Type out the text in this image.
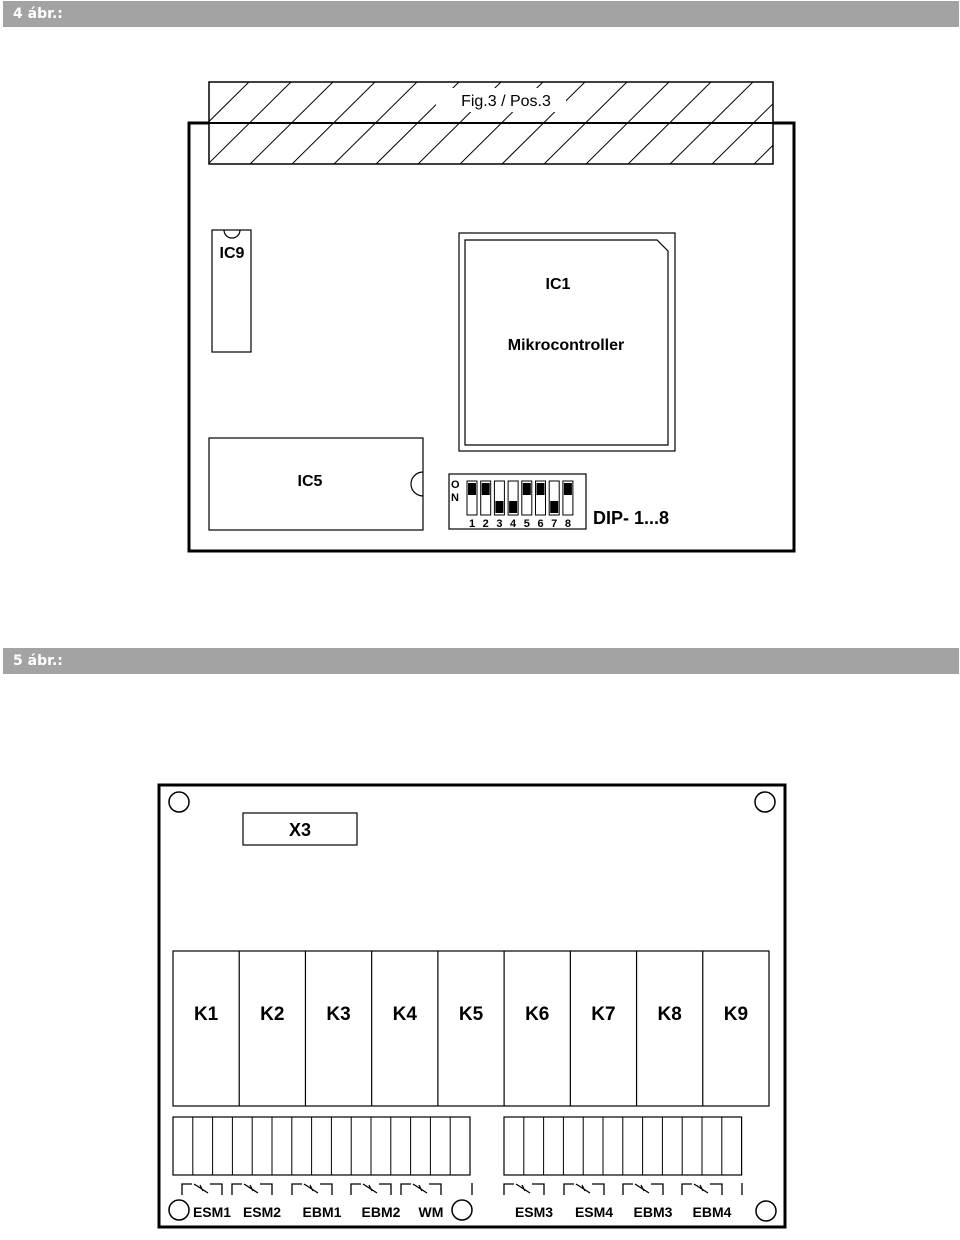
4 ábr.:
Fig.3 / Pos.3
IC9
IC1
Mikrocontroller
IC5	O
N
1 2 3 4 5 6 7 8 DIP- 1...8
5 ábr.:
X3
K1 K2 K3 K4 K5 K6 K7 K8 K9
ESM1 ESM2 EBM1 EBM2 WM	ESM3 ESM4 EBM3 EBM4
